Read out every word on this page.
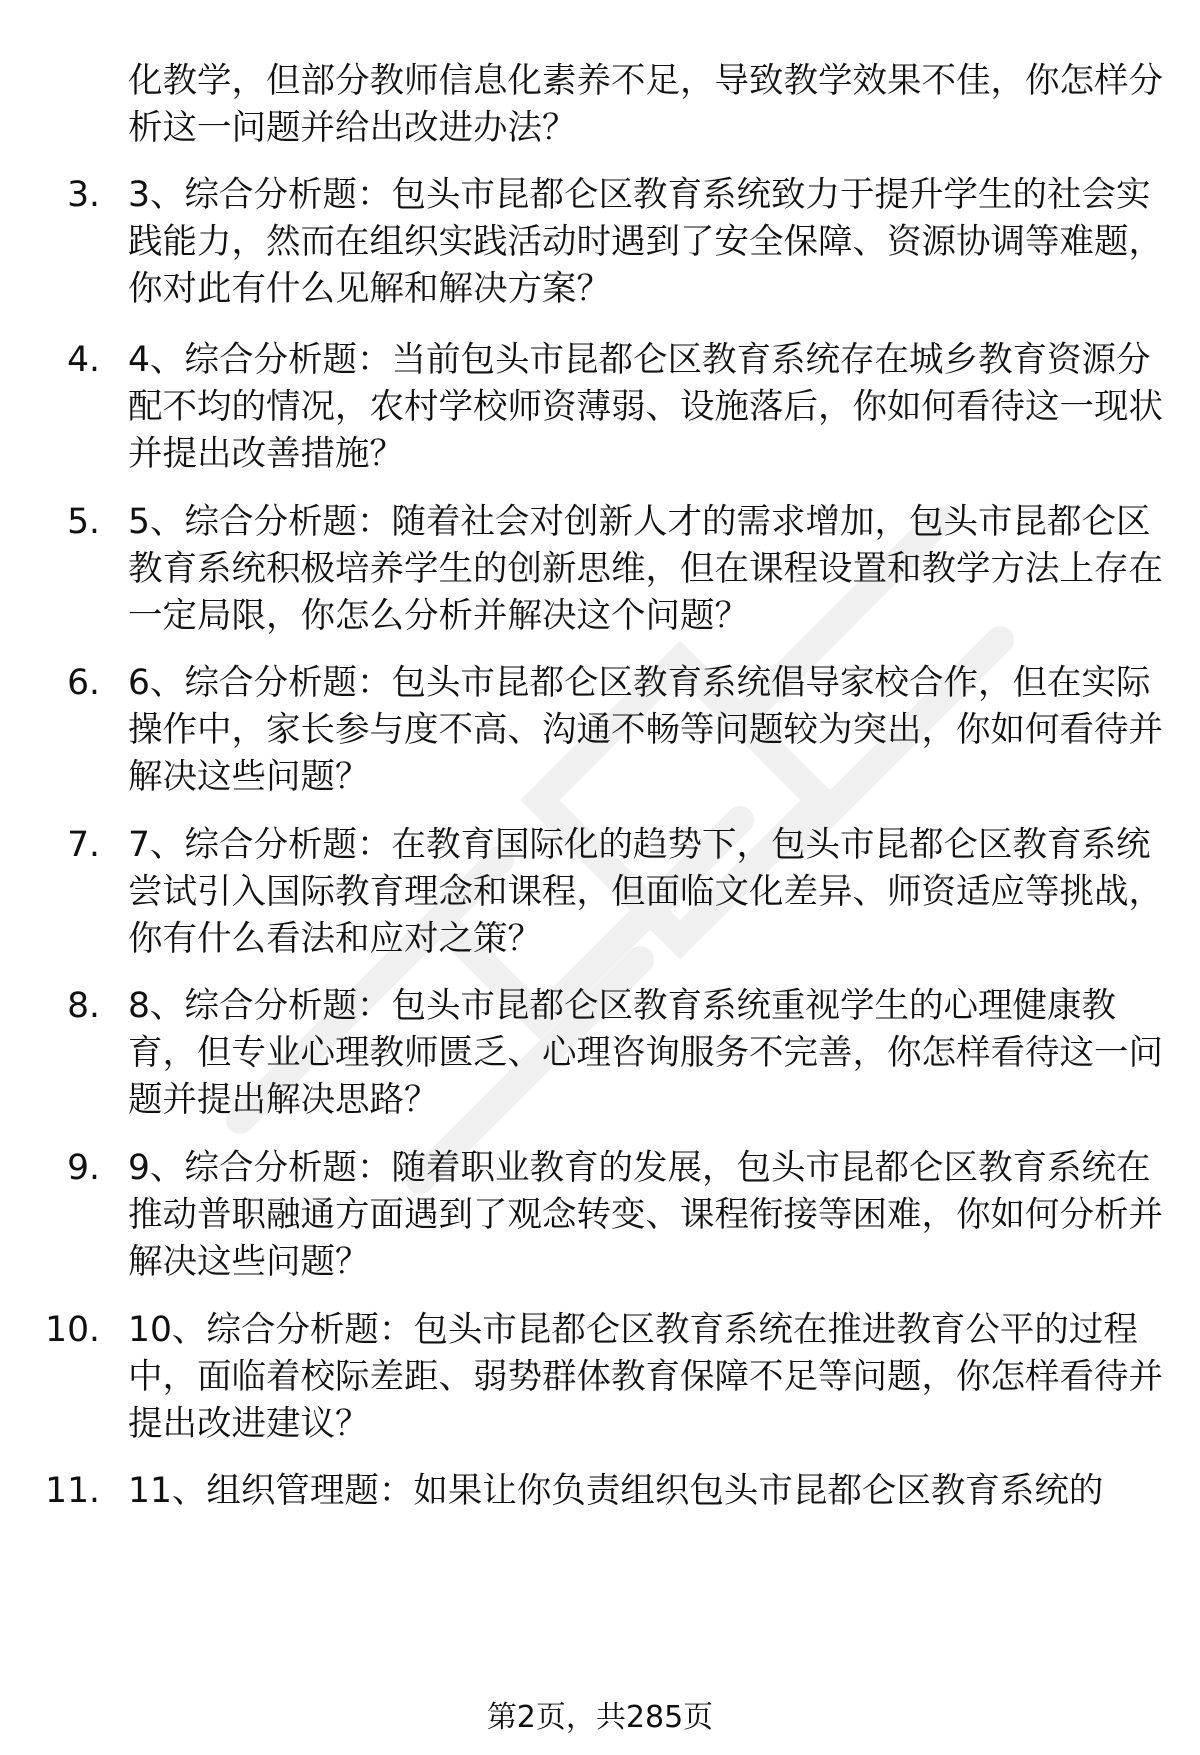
化教学，但部分教师信息化素养不足，导致教学效果不佳，你怎样分析这一问题并给出改进办法？
3. 3、综合分析题：包头市昆都仑区教育系统致力于提升学生的社会实践能力，然而在组织实践活动时遇到了安全保障、资源协调等难题，你对此有什么见解和解决方案？
4. 4、综合分析题：当前包头市昆都仑区教育系统存在城乡教育资源分配不均的情况，农村学校师资薄弱、设施落后，你如何看待这一现状并提出改善措施？
5. 5、综合分析题：随着社会对创新人才的需求增加，包头市昆都仑区教育系统积极培养学生的创新思维，但在课程设置和教学方法上存在一定局限，你怎么分析并解决这个问题？
6. 6、综合分析题：包头市昆都仑区教育系统倡导家校合作，但在实际操作中，家长参与度不高、沟通不畅等问题较为突出，你如何看待并解决这些问题？
7. 7、综合分析题：在教育国际化的趋势下，包头市昆都仑区教育系统尝试引入国际教育理念和课程，但面临文化差异、师资适应等挑战，你有什么看法和应对之策？
8. 8、综合分析题：包头市昆都仑区教育系统重视学生的心理健康教育，但专业心理教师匮乏、心理咨询服务不完善，你怎样看待这一问题并提出解决思路？
9. 9、综合分析题：随着职业教育的发展，包头市昆都仑区教育系统在推动普职融通方面遇到了观念转变、课程衔接等困难，你如何分析并解决这些问题？
10. 10、综合分析题：包头市昆都仑区教育系统在推进教育公平的过程中，面临着校际差距、弱势群体教育保障不足等问题，你怎样看待并提出改进建议？
11. 11、组织管理题：如果让你负责组织包头市昆都仑区教育系统的
第2页，共285页
